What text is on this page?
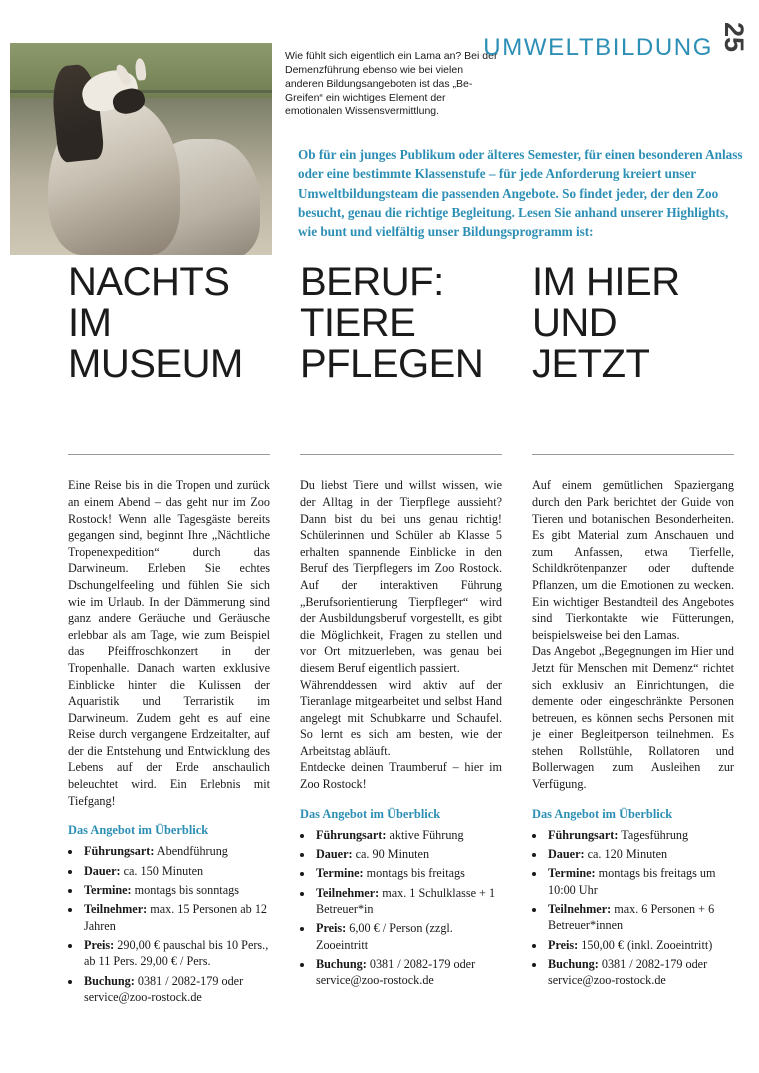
Wie fühlt sich eigentlich ein Lama an? Bei der Demenzführung ebenso wie bei vielen anderen Bildungsangeboten ist das „Be-Greifen“ ein wichtiges Element der emotionalen Wissensvermittlung.
UMWELTBILDUNG 25
Ob für ein junges Publikum oder älteres Semester, für einen besonderen Anlass oder eine bestimmte Klassenstufe – für jede Anforderung kreiert unser Umweltbildungsteam die passenden Angebote. So findet jeder, der den Zoo besucht, genau die richtige Begleitung. Lesen Sie anhand unserer Highlights, wie bunt und vielfältig unser Bildungsprogramm ist:
NACHTS
IM
MUSEUM

Eine Reise bis in die Tropen und zurück an einem Abend – das geht nur im Zoo Rostock! Wenn alle Tagesgäste bereits gegangen sind, beginnt Ihre „Nächtliche Tropenexpedition“ durch das Darwineum. Erleben Sie echtes Dschungelfeeling und fühlen Sie sich wie im Urlaub. In der Dämmerung sind ganz andere Geräuche und Geräusche erlebbar als am Tage, wie zum Beispiel das Pfeiffroschkonzert in der Tropenhalle. Danach warten exklusive Einblicke hinter die Kulissen der Aquaristik und Terraristik im Darwineum. Zudem geht es auf eine Reise durch vergangene Erdzeitalter, auf der die Entstehung und Entwicklung des Lebens auf der Erde anschaulich beleuchtet wird. Ein Erlebnis mit Tiefgang!

Das Angebot im Überblick
• Führungsart: Abendführung
• Dauer: ca. 150 Minuten
• Termine: montags bis sonntags
• Teilnehmer: max. 15 Personen ab 12 Jahren
• Preis: 290,00 € pauschal bis 10 Pers., ab 11 Pers. 29,00 € / Pers.
• Buchung: 0381 / 2082-179 oder service@zoo-rostock.de
BERUF:
TIERE
PFLEGEN

Du liebst Tiere und willst wissen, wie der Alltag in der Tierpflege aussieht? Dann bist du bei uns genau richtig! Schülerinnen und Schüler ab Klasse 5 erhalten spannende Einblicke in den Beruf des Tierpflegers im Zoo Rostock. Auf der interaktiven Führung „Berufsorientierung Tierpfleger“ wird der Ausbildungsberuf vorgestellt, es gibt die Möglichkeit, Fragen zu stellen und vor Ort mitzuerleben, was genau bei diesem Beruf eigentlich passiert.

Währenddessen wird aktiv auf der Tieranlage mitgearbeitet und selbst Hand angelegt mit Schubkarre und Schaufel. So lernt es sich am besten, wie der Arbeitstag abläuft.

Entdecke deinen Traumberuf – hier im Zoo Rostock!

Das Angebot im Überblick
• Führungsart: aktive Führung
• Dauer: ca. 90 Minuten
• Termine: montags bis freitags
• Teilnehmer: max. 1 Schulklasse + 1 Betreuer*in
• Preis: 6,00 € / Person (zzgl. Zooeintritt
• Buchung: 0381 / 2082-179 oder service@zoo-rostock.de
IM HIER
UND
JETZT

Auf einem gemütlichen Spaziergang durch den Park berichtet der Guide von Tieren und botanischen Besonderheiten. Es gibt Material zum Anschauen und zum Anfassen, etwa Tierfelle, Schildkrötenpanzer oder duftende Pflanzen, um die Emotionen zu wecken. Ein wichtiger Bestandteil des Angebotes sind Tierkontakte wie Fütterungen, beispielsweise bei den Lamas.

Das Angebot „Begegnungen im Hier und Jetzt für Menschen mit Demenz“ richtet sich exklusiv an Einrichtungen, die demente oder eingeschränkte Personen betreuen, es können sechs Personen mit je einer Begleitperson teilnehmen. Es stehen Rollstühle, Rollatoren und Bollerwagen zum Ausleihen zur Verfügung.

Das Angebot im Überblick
• Führungsart: Tagesführung
• Dauer: ca. 120 Minuten
• Termine: montags bis freitags um 10:00 Uhr
• Teilnehmer: max. 6 Personen + 6 Betreuer*innen
• Preis: 150,00 € (inkl. Zooeintritt)
• Buchung: 0381 / 2082-179 oder service@zoo-rostock.de
